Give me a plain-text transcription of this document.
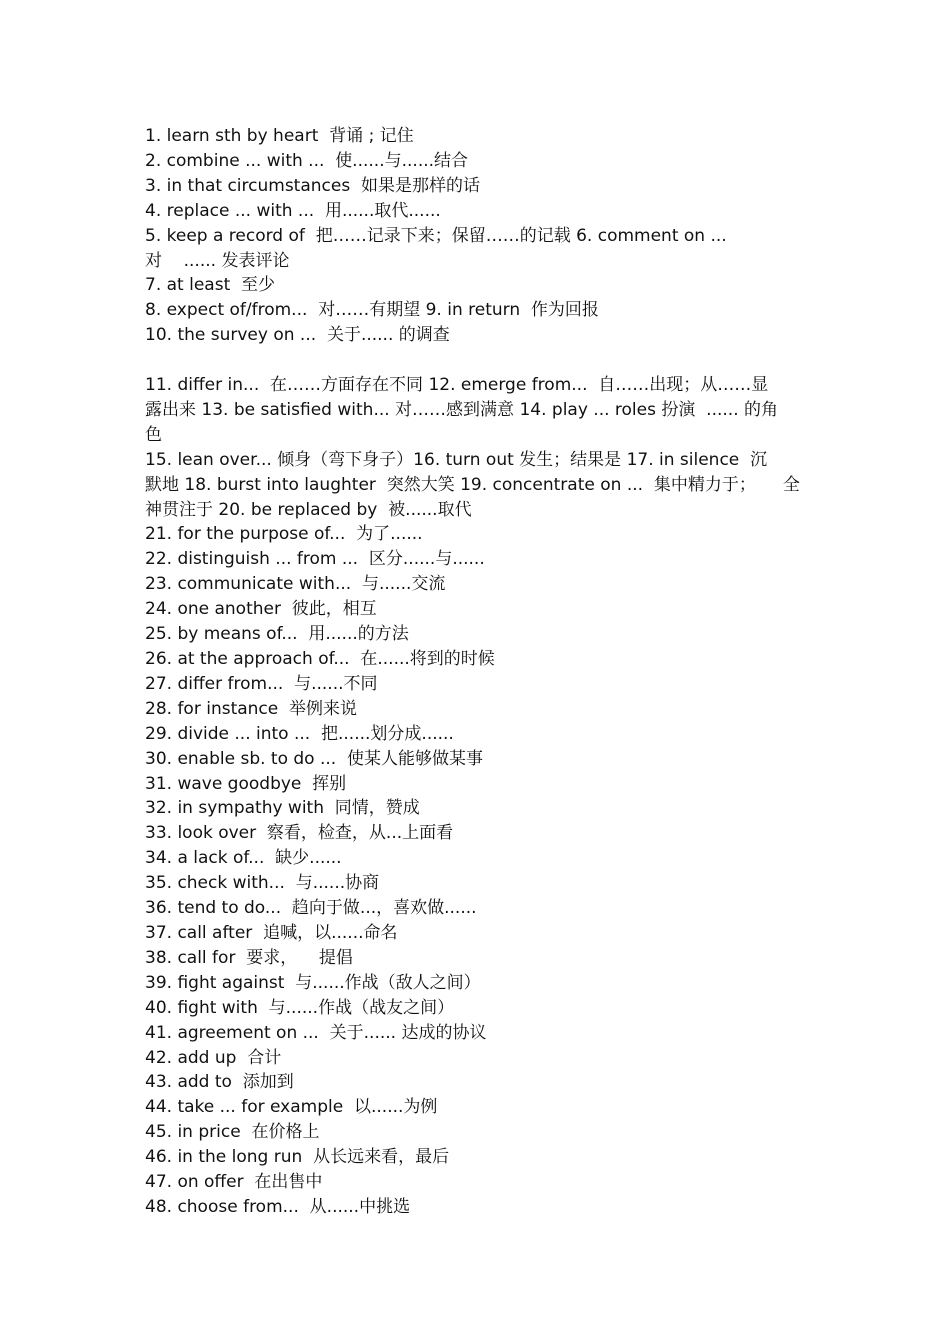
1. learn sth by heart  背诵 ; 记住

2. combine ... with ...  使......与......结合

3. in that circumstances  如果是那样的话

4. replace ... with ...  用......取代......

5. keep a record of  把……记录下来；保留……的记载 6. comment on ...

对    ...... 发表评论

7. at least  至少

8. expect of/from...  对……有期望 9. in return  作为回报

10. the survey on ...  关于...... 的调查

11. differ in...  在……方面存在不同 12. emerge from...  自……出现；从……显

露出来 13. be satisfied with... 对……感到满意 14. play ... roles 扮演  ...... 的角

色

15. lean over... 倾身（弯下身子）16. turn out 发生；结果是 17. in silence  沉

默地 18. burst into laughter  突然大笑 19. concentrate on ...  集中精力于；     全

神贯注于 20. be replaced by  被......取代

21. for the purpose of...  为了......

22. distinguish ... from ...  区分......与......

23. communicate with...  与......交流

24. one another  彼此，相互

25. by means of...  用......的方法

26. at the approach of...  在......将到的时候

27. differ from...  与......不同

28. for instance  举例来说

29. divide ... into ...  把......划分成......

30. enable sb. to do ...  使某人能够做某事

31. wave goodbye  挥别

32. in sympathy with  同情，赞成

33. look over  察看，检查，从...上面看

34. a lack of...  缺少......

35. check with...  与......协商

36. tend to do...  趋向于做...，喜欢做......

37. call after  追喊，以......命名

38. call for  要求，    提倡

39. fight against  与......作战（敌人之间）

40. fight with  与......作战（战友之间）

41. agreement on ...  关于...... 达成的协议

42. add up  合计

43. add to  添加到

44. take ... for example  以......为例

45. in price  在价格上

46. in the long run  从长远来看，最后

47. on offer  在出售中

48. choose from...  从......中挑选
